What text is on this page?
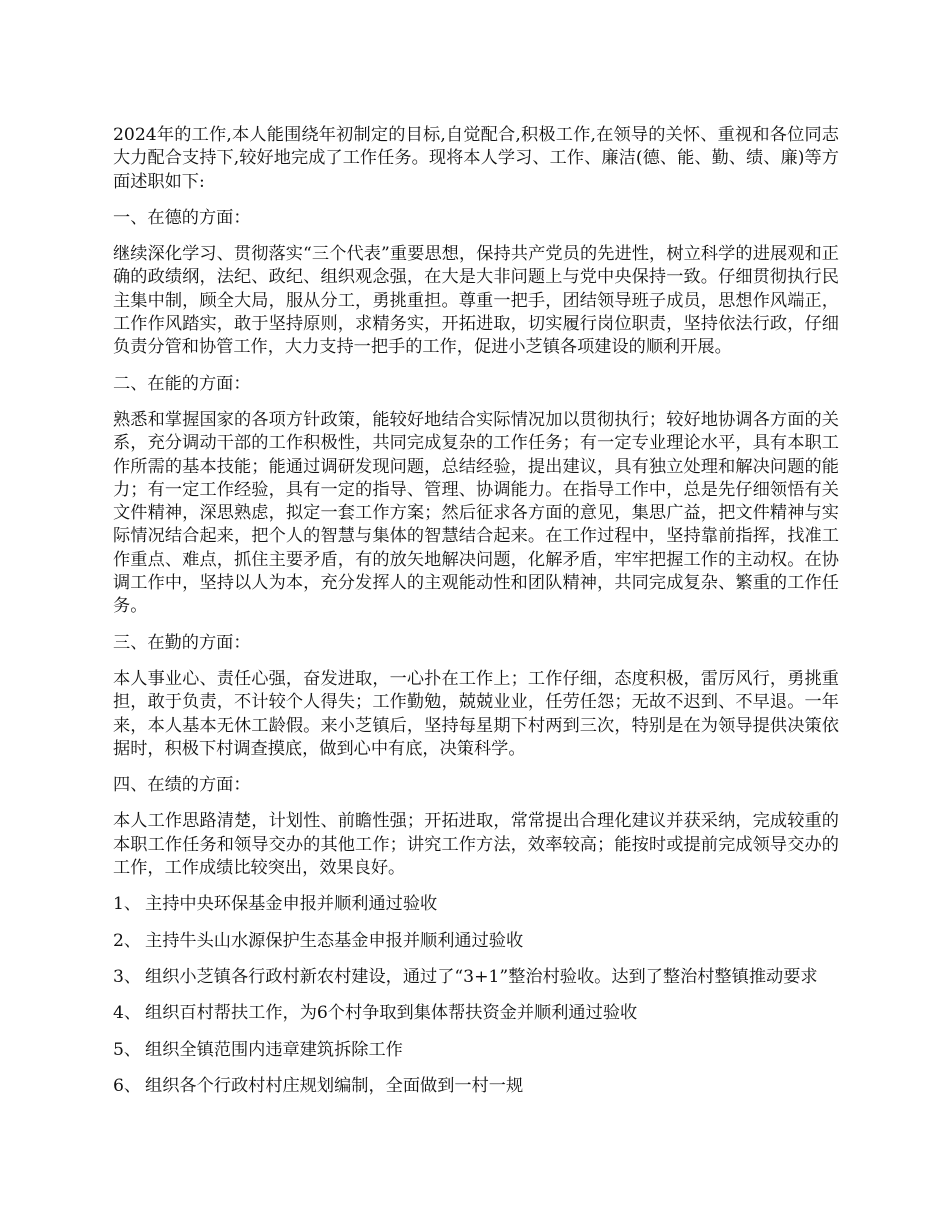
2024年的工作,本人能围绕年初制定的目标,自觉配合,积极工作,在领导的关怀、重视和各位同志大力配合支持下,较好地完成了工作任务。现将本人学习、工作、廉洁(德、能、勤、绩、廉)等方面述职如下:

一、在德的方面：

继续深化学习、贯彻落实“三个代表”重要思想，保持共产党员的先进性，树立科学的进展观和正确的政绩纲，法纪、政纪、组织观念强，在大是大非问题上与党中央保持一致。仔细贯彻执行民主集中制，顾全大局，服从分工，勇挑重担。尊重一把手，团结领导班子成员，思想作风端正，工作作风踏实，敢于坚持原则，求精务实，开拓进取，切实履行岗位职责，坚持依法行政，仔细负责分管和协管工作，大力支持一把手的工作，促进小芝镇各项建设的顺利开展。

二、在能的方面：

熟悉和掌握国家的各项方针政策，能较好地结合实际情况加以贯彻执行；较好地协调各方面的关系，充分调动干部的工作积极性，共同完成复杂的工作任务；有一定专业理论水平，具有本职工作所需的基本技能；能通过调研发现问题，总结经验，提出建议，具有独立处理和解决问题的能力；有一定工作经验，具有一定的指导、管理、协调能力。在指导工作中，总是先仔细领悟有关文件精神，深思熟虑，拟定一套工作方案；然后征求各方面的意见，集思广益，把文件精神与实际情况结合起来，把个人的智慧与集体的智慧结合起来。在工作过程中，坚持靠前指挥，找准工作重点、难点，抓住主要矛盾，有的放矢地解决问题，化解矛盾，牢牢把握工作的主动权。在协调工作中，坚持以人为本，充分发挥人的主观能动性和团队精神，共同完成复杂、繁重的工作任务。

三、在勤的方面：

本人事业心、责任心强，奋发进取，一心扑在工作上；工作仔细，态度积极，雷厉风行，勇挑重担，敢于负责，不计较个人得失；工作勤勉，兢兢业业，任劳任怨；无故不迟到、不早退。一年来，本人基本无休工龄假。来小芝镇后，坚持每星期下村两到三次，特别是在为领导提供决策依据时，积极下村调查摸底，做到心中有底，决策科学。

四、在绩的方面：

本人工作思路清楚，计划性、前瞻性强；开拓进取，常常提出合理化建议并获采纳，完成较重的本职工作任务和领导交办的其他工作；讲究工作方法，效率较高；能按时或提前完成领导交办的工作，工作成绩比较突出，效果良好。

1、 主持中央环保基金申报并顺利通过验收

2、 主持牛头山水源保护生态基金申报并顺利通过验收

3、 组织小芝镇各行政村新农村建设，通过了“3+1”整治村验收。达到了整治村整镇推动要求

4、 组织百村帮扶工作，为6个村争取到集体帮扶资金并顺利通过验收

5、 组织全镇范围内违章建筑拆除工作

6、 组织各个行政村村庄规划编制，全面做到一村一规
